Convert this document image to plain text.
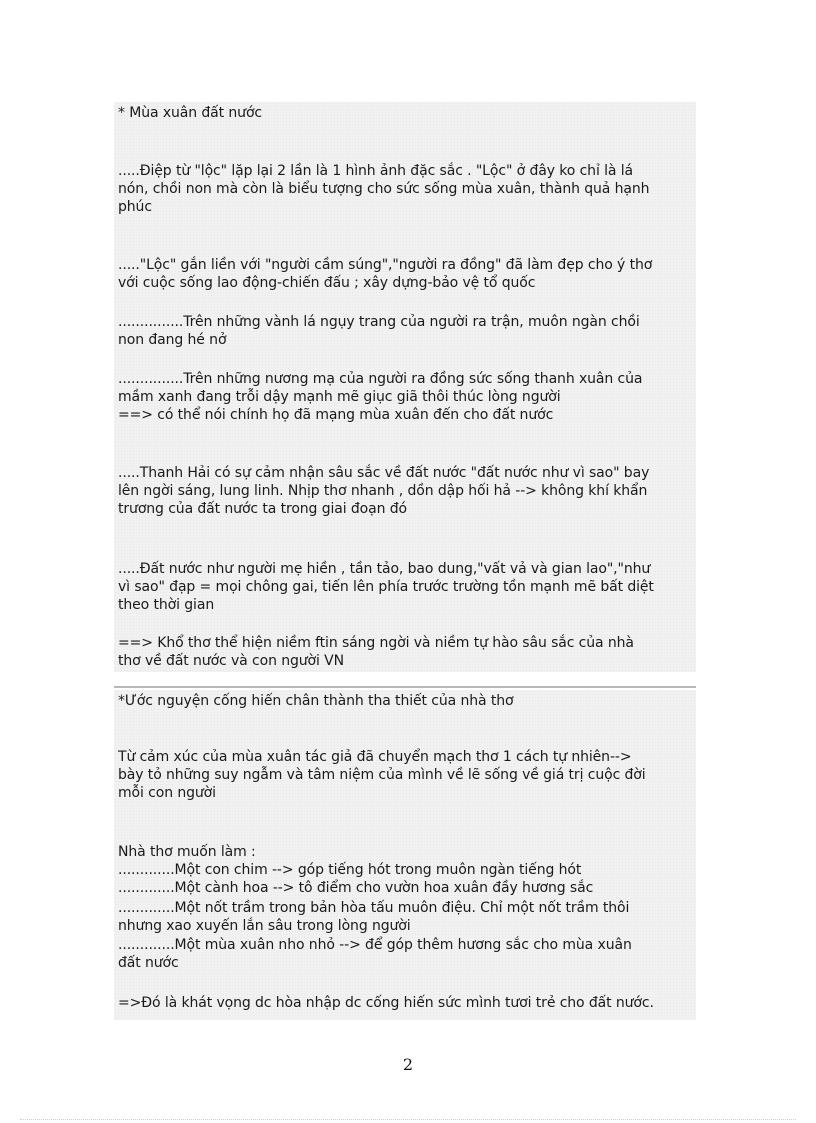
* Mùa xuân đất nước
.....Điệp từ "lộc" lặp lại 2 lần là 1 hình ảnh đặc sắc . "Lộc" ở đây ko chỉ là lá
nón, chồi non mà còn là biểu tượng cho sức sống mùa xuân, thành quả hạnh
phúc
....."Lộc" gắn liền với "người cầm súng","người ra đồng" đã làm đẹp cho ý thơ
với cuộc sống lao động-chiến đấu ; xây dựng-bảo vệ tổ quốc
...............Trên những vành lá ngụy trang của người ra trận, muôn ngàn chồi
non đang hé nở
...............Trên những nương mạ của người ra đồng sức sống thanh xuân của
mầm xanh đang trỗi dậy mạnh mẽ giục giã thôi thúc lòng người
==> có thể nói chính họ đã mạng mùa xuân đến cho đất nước
.....Thanh Hải có sự cảm nhận sâu sắc về đất nước "đất nước như vì sao" bay
lên ngời sáng, lung linh. Nhịp thơ nhanh , dồn dập hối hả --> không khí khẩn
trương của đất nước ta trong giai đoạn đó
.....Đất nước như người mẹ hiền , tần tảo, bao dung,"vất vả và gian lao","như
vì sao" đạp = mọi chông gai, tiến lên phía trước trường tồn mạnh mẽ bất diệt
theo thời gian
==> Khổ thơ thể hiện niềm ftin sáng ngời và niềm tự hào sâu sắc của nhà
thơ về đất nước và con người VN
*Ước nguyện cống hiến chân thành tha thiết của nhà thơ
Từ cảm xúc của mùa xuân tác giả đã chuyển mạch thơ 1 cách tự nhiên-->
bày tỏ những suy ngẫm và tâm niệm của mình về lẽ sống về giá trị cuộc đời
mỗi con người
Nhà thơ muốn làm :
.............Một con chim --> góp tiếng hót trong muôn ngàn tiếng hót
.............Một cành hoa --> tô điểm cho vườn hoa xuân đầy hương sắc
.............Một nốt trầm trong bản hòa tấu muôn điệu. Chỉ một nốt trầm thôi
nhưng xao xuyến lắn sâu trong lòng người
.............Một mùa xuân nho nhỏ --> để góp thêm hương sắc cho mùa xuân
đất nước
=>Đó là khát vọng dc hòa nhập dc cống hiến sức mình tươi trẻ cho đất nước.
2
